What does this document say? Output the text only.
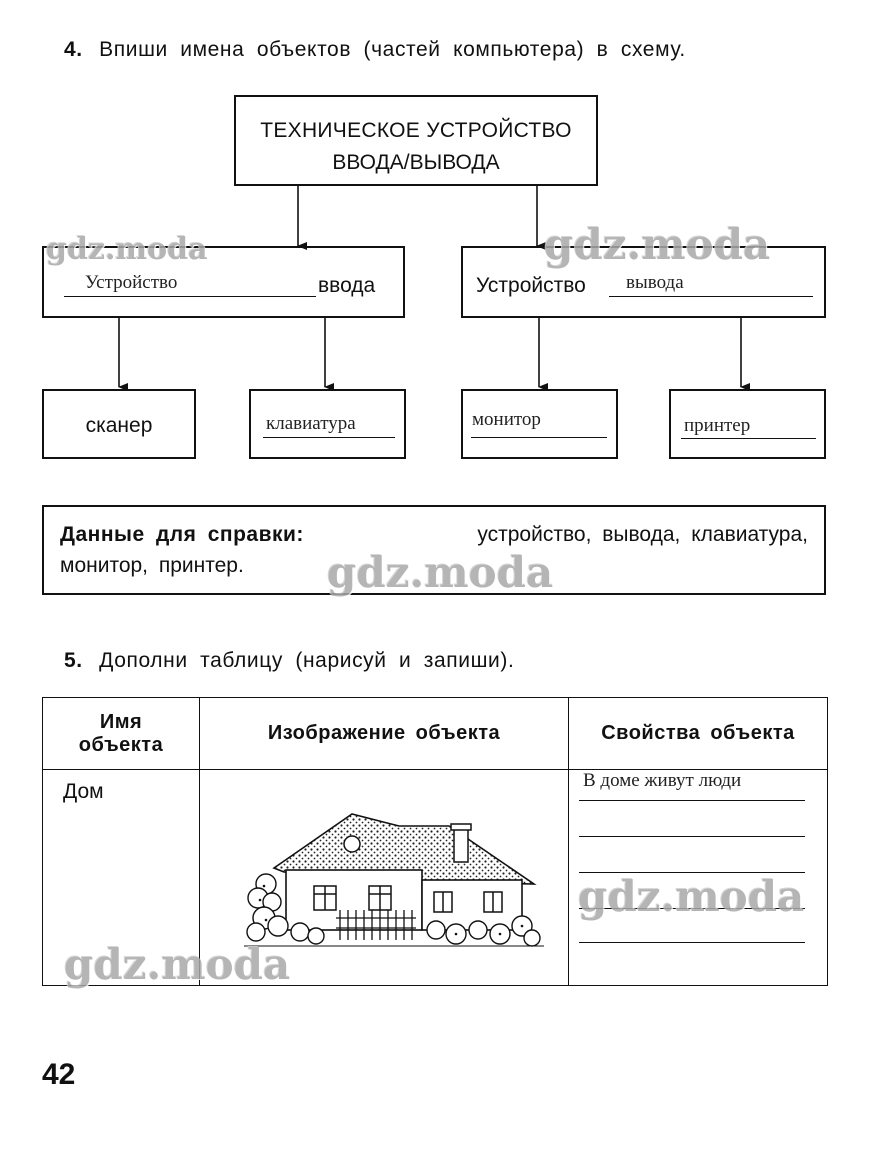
4. Впиши имена объектов (частей компьютера) в схему.
ТЕХНИЧЕСКОЕ УСТРОЙСТВО
ВВОДА/ВЫВОДА
Устройство	ввода	Устройство вывода
сканер	клавиатура	монитор	принтер
Данные для справки:	устройство, вывода, клавиатура,
монитор, принтер.
5. Дополни таблицу (нарисуй и запиши).
Имя
объекта	Изображение объекта	Свойства объекта
Дом		В доме живут люди
42
gdz.moda	gdz.moda
gdz.moda
gdz.moda
gdz.moda
